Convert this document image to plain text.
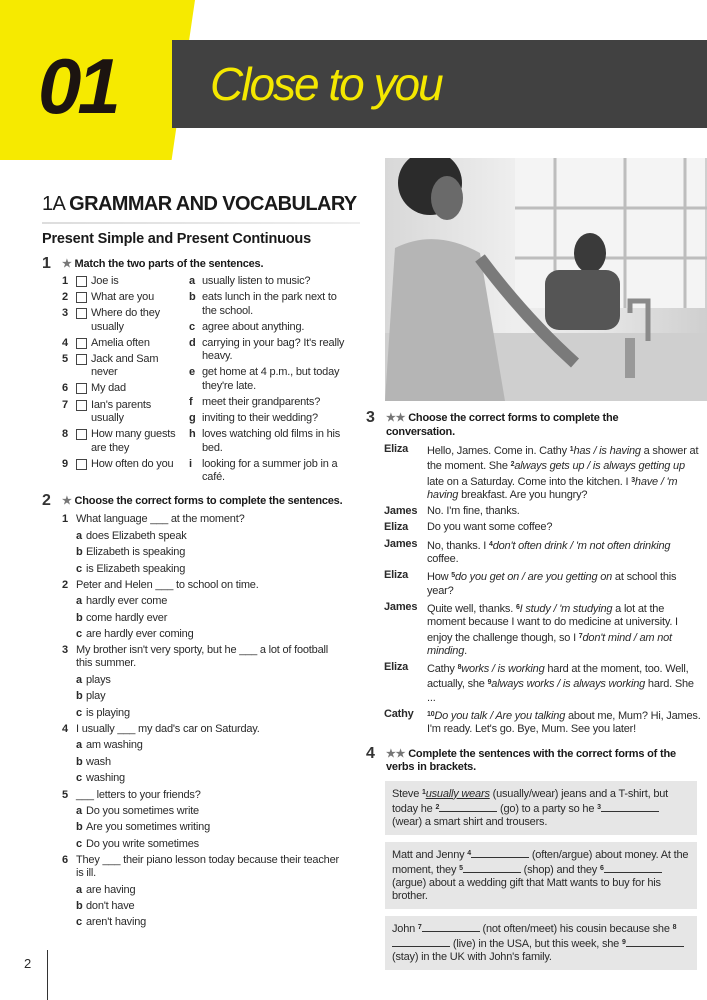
01 Close to you
1A GRAMMAR AND VOCABULARY
Present Simple and Present Continuous
1	★ Match the two parts of the sentences.
1	Joe is
2	What are you
3	Where do they usually
4	Amelia often
5	Jack and Sam never
6	My dad
7	Ian's parents usually
8	How many guests are they
9	How often do you
a usually listen to music?
b eats lunch in the park next to the school.
c agree about anything.
d carrying in your bag? It's really heavy.
e get home at 4 p.m., but today they're late.
f meet their grandparents?
g inviting to their wedding?
h loves watching old films in his bed.
i looking for a summer job in a café.
2	★ Choose the correct forms to complete the sentences.
1 What language ___ at the moment?
a does Elizabeth speak
b Elizabeth is speaking
c is Elizabeth speaking
2 Peter and Helen ___ to school on time.
a hardly ever come
b come hardly ever
c are hardly ever coming
3 My brother isn't very sporty, but he ___ a lot of football this summer.
a plays
b play
c is playing
4 I usually ___ my dad's car on Saturday.
a am washing
b wash
c washing
5 ___ letters to your friends?
a Do you sometimes write
b Are you sometimes writing
c Do you write sometimes
6 They ___ their piano lesson today because their teacher is ill.
a are having
b don't have
c aren't having
3	★★ Choose the correct forms to complete the conversation.
Eliza	Hello, James. Come in. Cathy $^1$has / is having a shower at the moment. She $^2$always gets up / is always getting up late on a Saturday. Come into the kitchen. I $^3$have / 'm having breakfast. Are you hungry?
James No. I'm fine, thanks.
Eliza	Do you want some coffee?
James No, thanks. I $^4$don't often drink / 'm not often drinking coffee.
Eliza	How $^5$do you get on / are you getting on at school this year?
James Quite well, thanks. $^6$I study / 'm studying a lot at the moment because I want to do medicine at university. I enjoy the challenge though, so I $^7$don't mind / am not minding.
Eliza	Cathy $^8$works / is working hard at the moment, too. Well, actually, she $^9$always works / is always working hard. She ...
Cathy	$^{10}$Do you talk / Are you talking about me, Mum? Hi, James. I'm ready. Let's go. Bye, Mum. See you later!
4	★★ Complete the sentences with the correct forms of the verbs in brackets.
Steve $^1$usually wears (usually/wear) jeans and a T-shirt, but today he $^2$	(go) to a party so he $^3$ (wear) a smart shirt and trousers.
Matt and Jenny $^4$	(often/argue) about money. At the moment, they $^5$	(shop) and they $^6$ (argue) about a wedding gift that Matt wants to buy for his brother.
John $^7$	(not often/meet) his cousin because she $^8$ (live) in the USA, but this week, she $^9$ (stay) in the UK with John's family.
2
